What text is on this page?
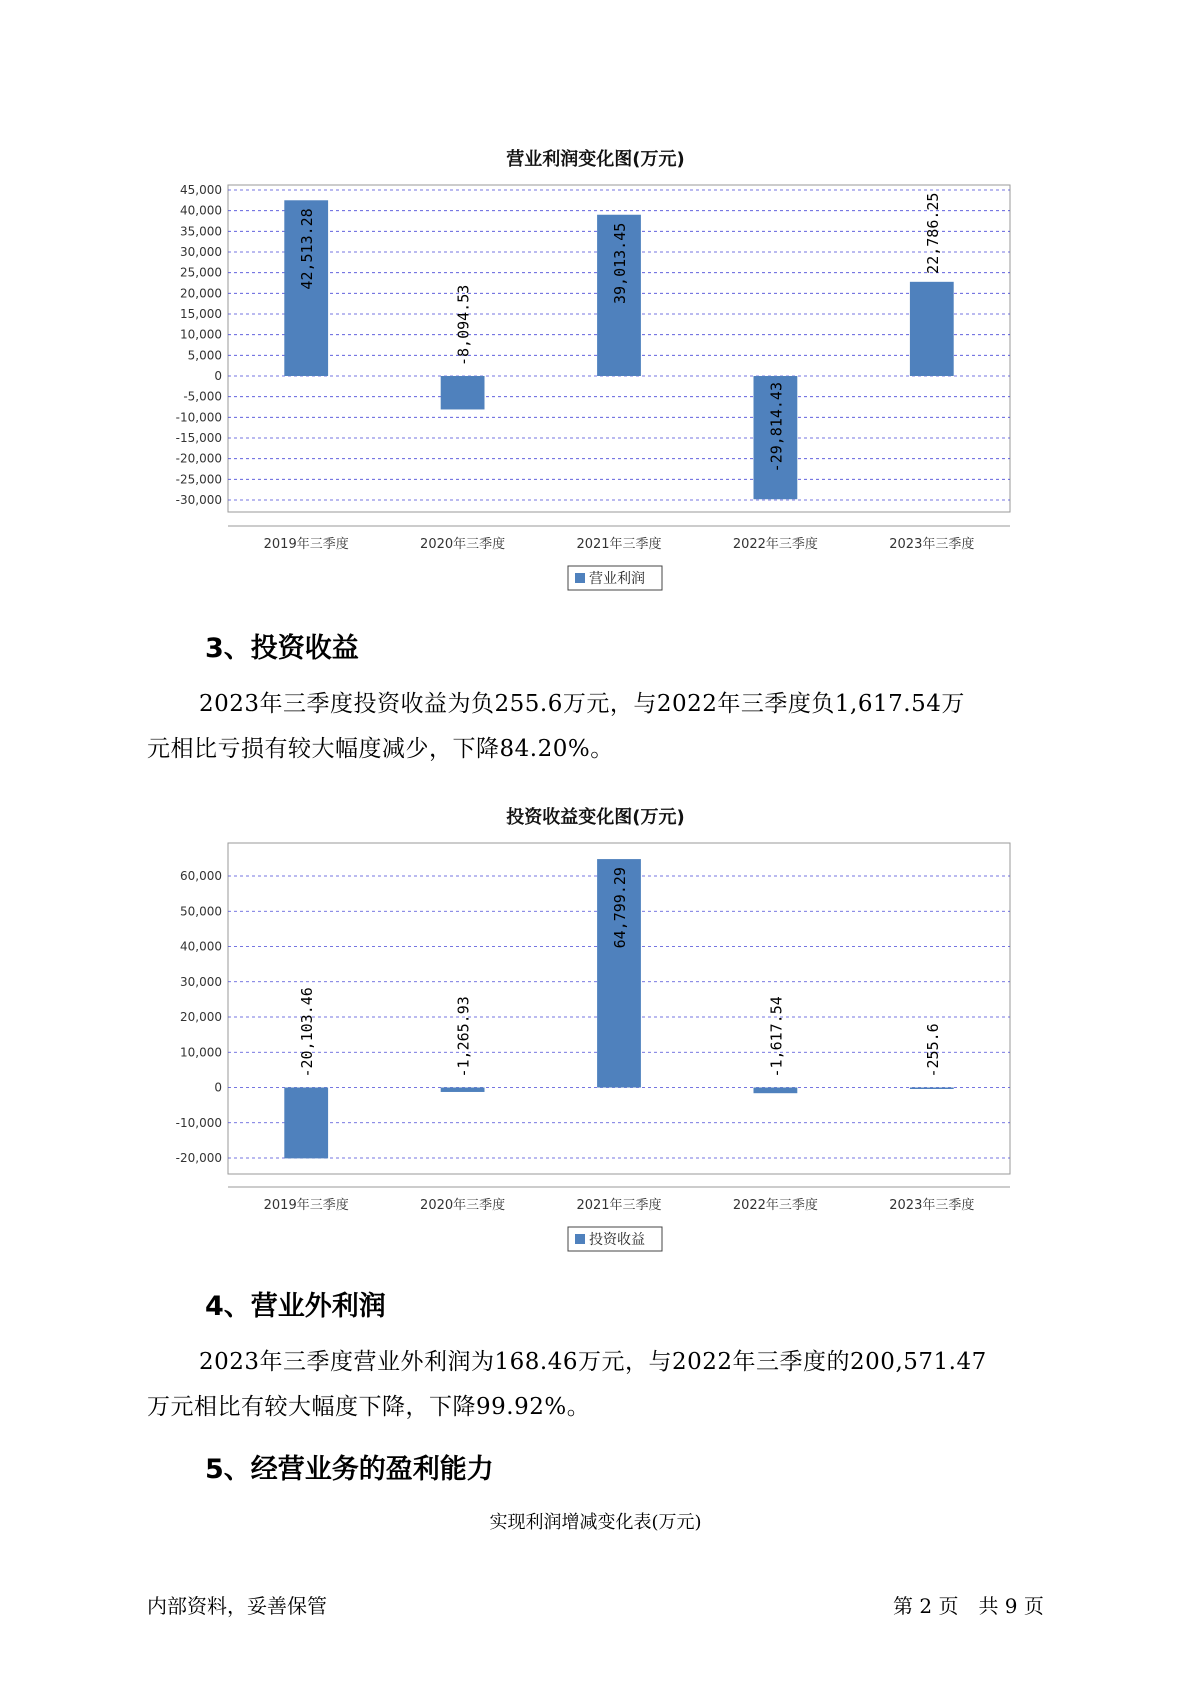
营业利润变化图(万元)
45,000
40,000
35,000
30,000
25,000
20,000
15,000
10,000
5,000
0
-5,000
-10,000
-15,000
-20,000
-25,000
-30,000
42,513.28
2019年三季度
-8,094.53
2020年三季度
39,013.45
2021年三季度
-29,814.43
2022年三季度
22,786.25
2023年三季度
营业利润
3、投资收益
2023年三季度投资收益为负255.6万元，与2022年三季度负1,617.54万
元相比亏损有较大幅度减少，下降84.20%。
投资收益变化图(万元)
60,000
50,000
40,000
30,000
20,000
10,000
0
-10,000
-20,000
-20,103.46
2019年三季度
-1,265.93
2020年三季度
64,799.29
2021年三季度
-1,617.54
2022年三季度
-255.6
2023年三季度
投资收益
4、营业外利润
2023年三季度营业外利润为168.46万元，与2022年三季度的200,571.47
万元相比有较大幅度下降，下降99.92%。
5、经营业务的盈利能力
实现利润增减变化表(万元)
内部资料，妥善保管	第 2 页　共 9 页
